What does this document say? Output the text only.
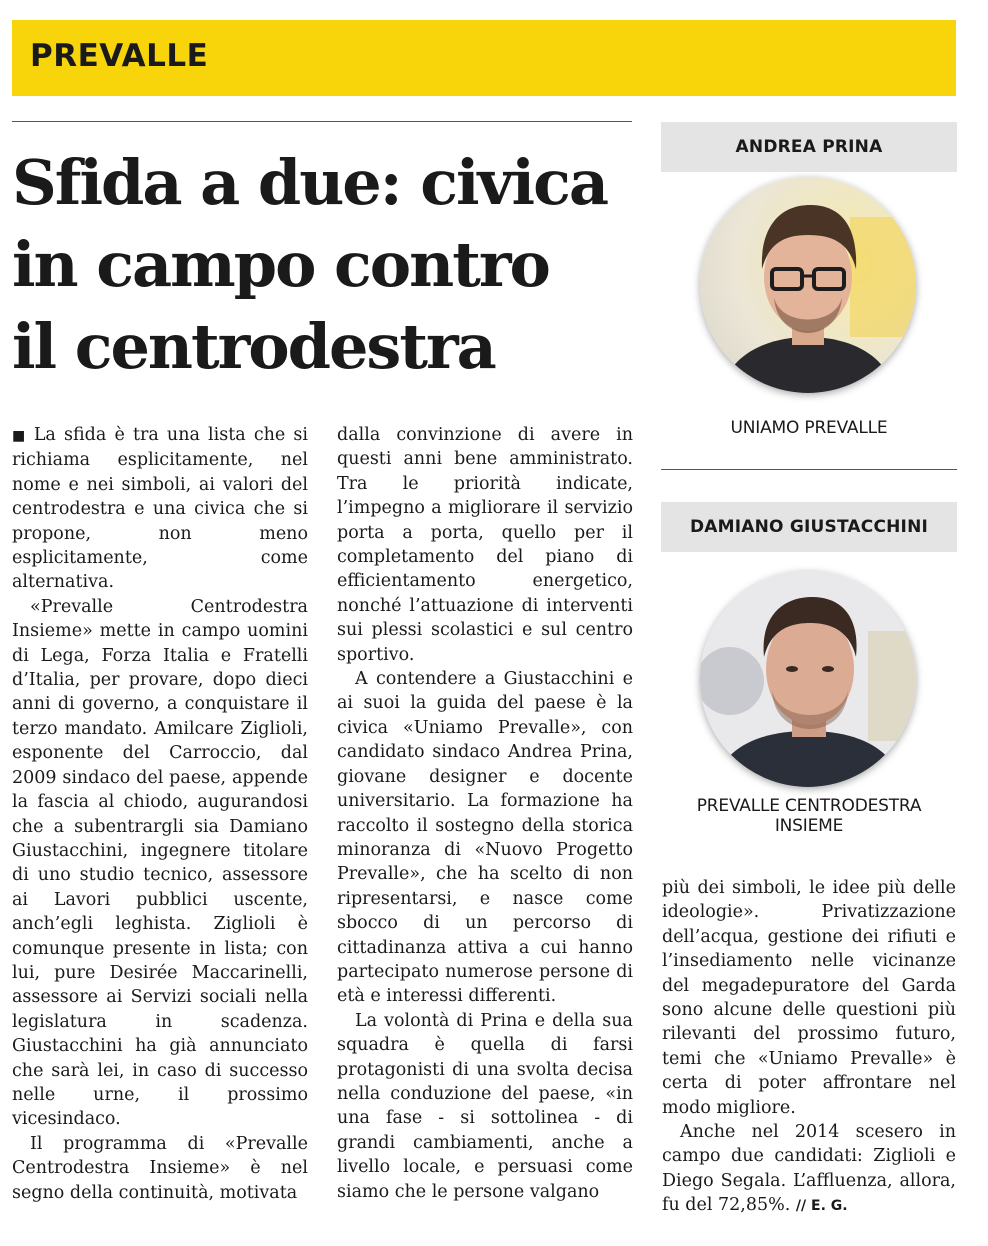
PREVALLE
Sfida a due: civica
in campo contro
il centrodestra

■ La sfida è tra una lista che si richiama esplicitamente, nel nome e nei simboli, ai valori del centrodestra e una civica che si propone, non meno esplicitamente, come alternativa.

«Prevalle Centrodestra Insieme» mette in campo uomini di Lega, Forza Italia e Fratelli d’Italia, per provare, dopo dieci anni di governo, a conquistare il terzo mandato. Amilcare Ziglioli, esponente del Carroccio, dal 2009 sindaco del paese, appende la fascia al chiodo, augurandosi che a subentrargli sia Damiano Giustacchini, ingegnere titolare di uno studio tecnico, assessore ai Lavori pubblici uscente, anch’egli leghista. Ziglioli è comunque presente in lista; con lui, pure Desirée Maccarinelli, assessore ai Servizi sociali nella legislatura in scadenza. Giustacchini ha già annunciato che sarà lei, in caso di successo nelle urne, il prossimo vicesindaco.

Il programma di «Prevalle Centrodestra Insieme» è nel segno della continuità, motivata

dalla convinzione di avere in questi anni bene amministrato. Tra le priorità indicate, l’impegno a migliorare il servizio porta a porta, quello per il completamento del piano di efficientamento energetico, nonché l’attuazione di interventi sui plessi scolastici e sul centro sportivo.

A contendere a Giustacchini e ai suoi la guida del paese è la civica «Uniamo Prevalle», con candidato sindaco Andrea Prina, giovane designer e docente universitario. La formazione ha raccolto il sostegno della storica minoranza di «Nuovo Progetto Prevalle», che ha scelto di non ripresentarsi, e nasce come sbocco di un percorso di cittadinanza attiva a cui hanno partecipato numerose persone di età e interessi differenti.

La volontà di Prina e della sua squadra è quella di farsi protagonisti di una svolta decisa nella conduzione del paese, «in una fase - si sottolinea - di grandi cambiamenti, anche a livello locale, e persuasi come siamo che le persone valgano

più dei simboli, le idee più delle ideologie». Privatizzazione dell’acqua, gestione dei rifiuti e l’insediamento nelle vicinanze del megadepuratore del Garda sono alcune delle questioni più rilevanti del prossimo futuro, temi che «Uniamo Prevalle» è certa di poter affrontare nel modo migliore.

Anche nel 2014 scesero in campo due candidati: Ziglioli e Diego Segala. L’affluenza, allora, fu del 72,85%. // E. G.

ANDREA PRINA
UNIAMO PREVALLE
DAMIANO GIUSTACCHINI
PREVALLE CENTRODESTRA INSIEME
